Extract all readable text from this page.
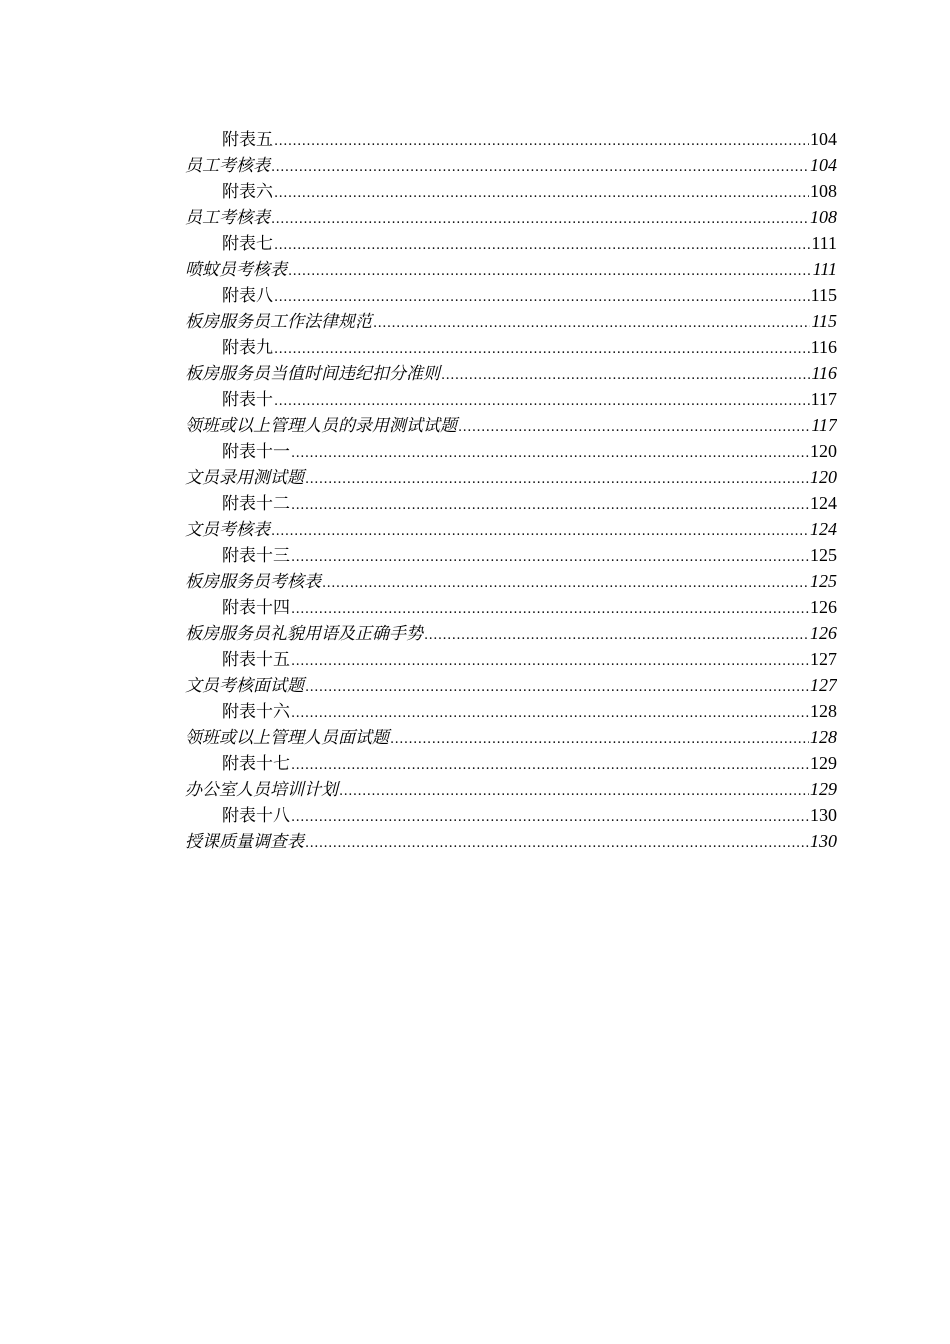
附表五 .....	104
员工考核表 .....	104
附表六 .....	108
员工考核表 .....	108
附表七 .....	111
喷蚊员考核表 .....	111
附表八 .....	115
板房服务员工作法律规范 .....	115
附表九 .....	116
板房服务员当值时间违纪扣分准则 .....	116
附表十 .....	117
领班或以上管理人员的录用测试试题 .....	117
附表十一 .....	120
文员录用测试题 .....	120
附表十二 .....	124
文员考核表 .....	124
附表十三 .....	125
板房服务员考核表 .....	125
附表十四 .....	126
板房服务员礼貌用语及正确手势 .....	126
附表十五 .....	127
文员考核面试题 .....	127
附表十六 .....	128
领班或以上管理人员面试题 .....	128
附表十七 .....	129
办公室人员培训计划 .....	129
附表十八 .....	130
授课质量调查表 .....	130
